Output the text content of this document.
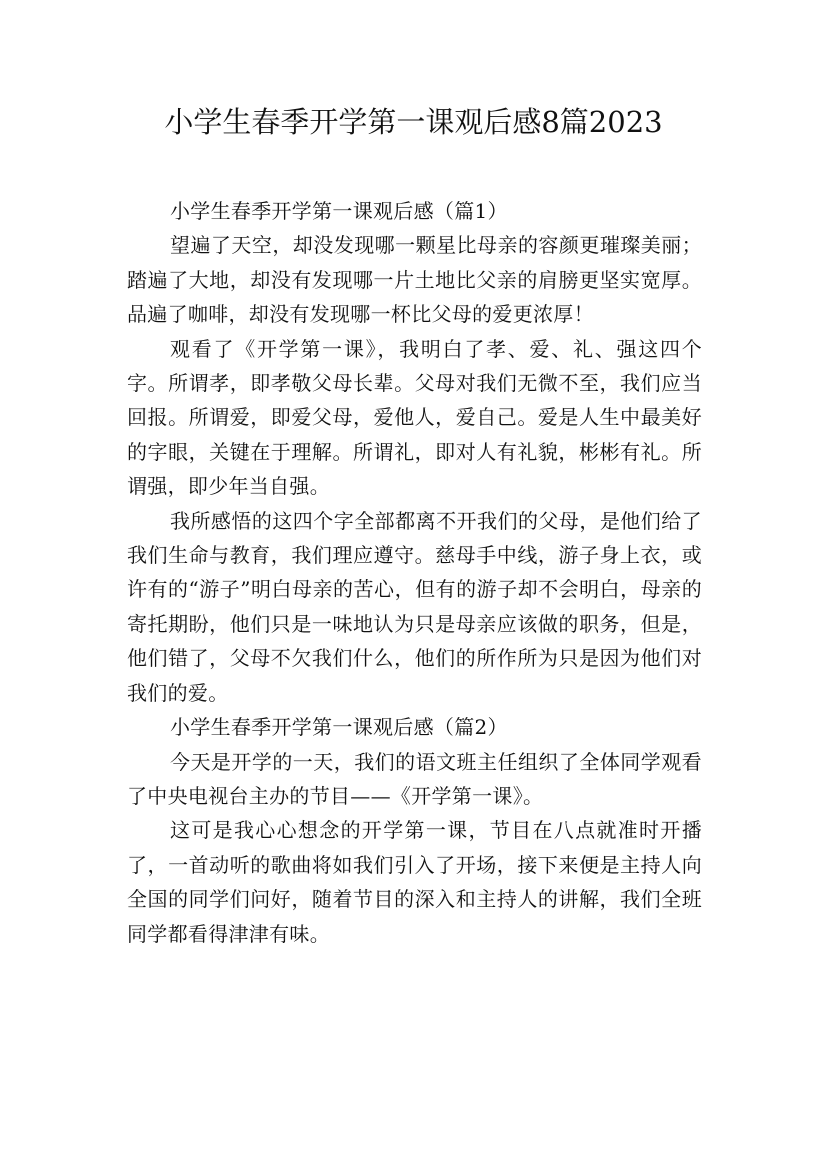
小学生春季开学第一课观后感8篇2023

小学生春季开学第一课观后感（篇1）

望遍了天空，却没发现哪一颗星比母亲的容颜更璀璨美丽；踏遍了大地，却没有发现哪一片土地比父亲的肩膀更坚实宽厚。品遍了咖啡，却没有发现哪一杯比父母的爱更浓厚！

观看了《开学第一课》，我明白了孝、爱、礼、强这四个字。所谓孝，即孝敬父母长辈。父母对我们无微不至，我们应当回报。所谓爱，即爱父母，爱他人，爱自己。爱是人生中最美好的字眼，关键在于理解。所谓礼，即对人有礼貌，彬彬有礼。所谓强，即少年当自强。

我所感悟的这四个字全部都离不开我们的父母，是他们给了我们生命与教育，我们理应遵守。慈母手中线，游子身上衣，或许有的“游子”明白母亲的苦心，但有的游子却不会明白，母亲的寄托期盼，他们只是一味地认为只是母亲应该做的职务，但是，他们错了，父母不欠我们什么，他们的所作所为只是因为他们对我们的爱。

小学生春季开学第一课观后感（篇2）

今天是开学的一天，我们的语文班主任组织了全体同学观看了中央电视台主办的节目——《开学第一课》。

这可是我心心想念的开学第一课，节目在八点就准时开播了，一首动听的歌曲将如我们引入了开场，接下来便是主持人向全国的同学们问好，随着节目的深入和主持人的讲解，我们全班同学都看得津津有味。
